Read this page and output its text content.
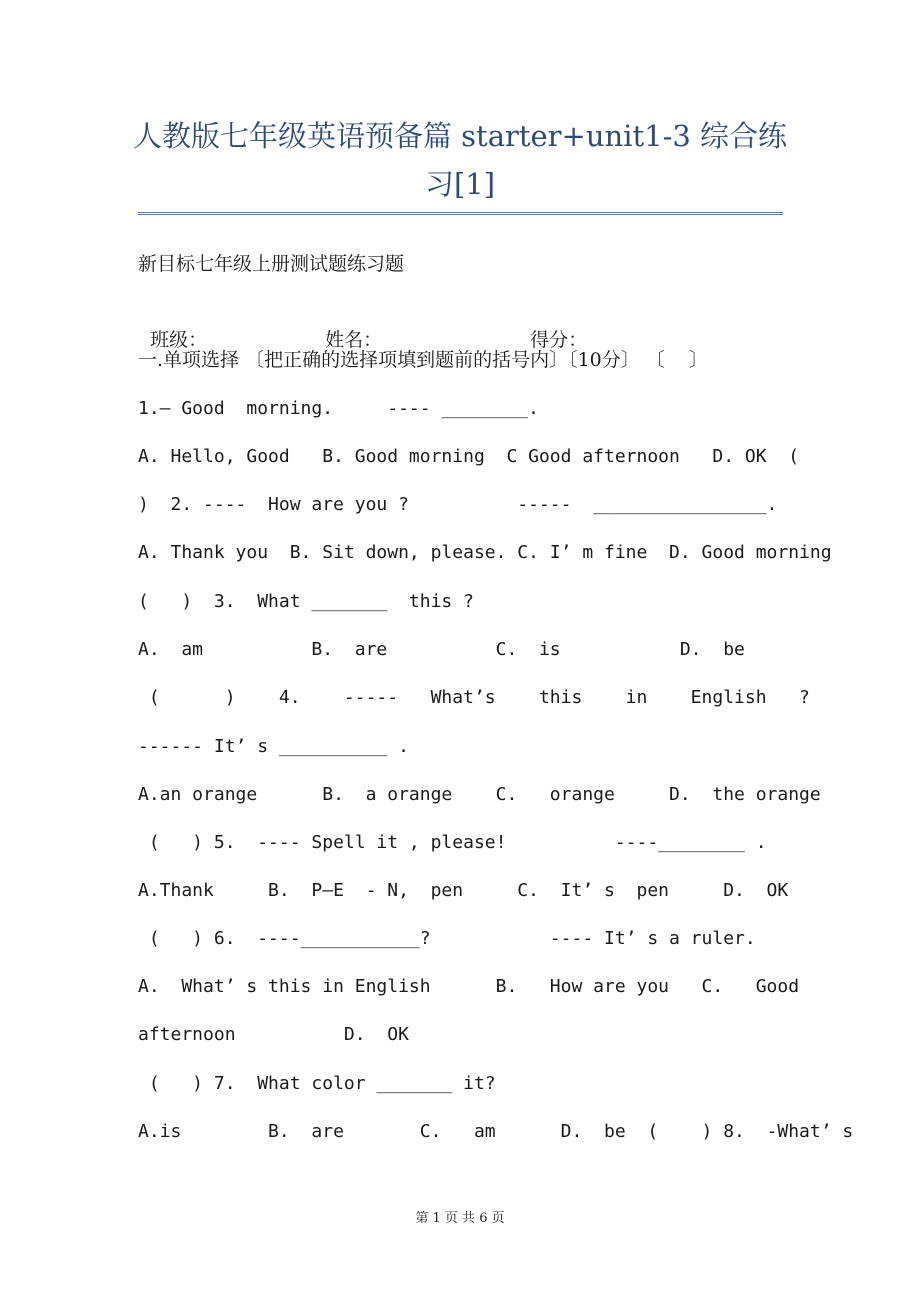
人教版七年级英语预备篇 starter+unit1-3 综合练
习[1]
新目标七年级上册测试题练习题

班级：	姓名：	得分：

一.单项选择 〔把正确的选择项填到题前的括号内〕〔10分〕 〔    〕
1.— Good  morning.     ---- ________.
A. Hello, Good   B. Good morning  C Good afternoon   D. OK  (
)  2. ----  How are you ?          -----  ________________.
A. Thank you  B. Sit down, please. C. I’ m fine  D. Good morning
(   )  3.  What _______  this ?
A.  am          B.  are          C.  is           D.  be
(      )    4.    -----   What’s    this    in    English   ?
------ It’ s __________ .
A.an orange      B.  a orange    C.   orange     D.  the orange
(   ) 5.  ---- Spell it , please!          ----________ .
A.Thank     B.  P—E  - N,  pen     C.  It’ s  pen     D.  OK
(   ) 6.  ----___________?           ---- It’ s a ruler.
A.  What’ s this in English      B.   How are you   C.   Good
afternoon          D.  OK
(   ) 7.  What color _______ it?
A.is        B.  are       C.   am      D.  be  (    ) 8.  -What’ s
第 1 页 共 6 页
